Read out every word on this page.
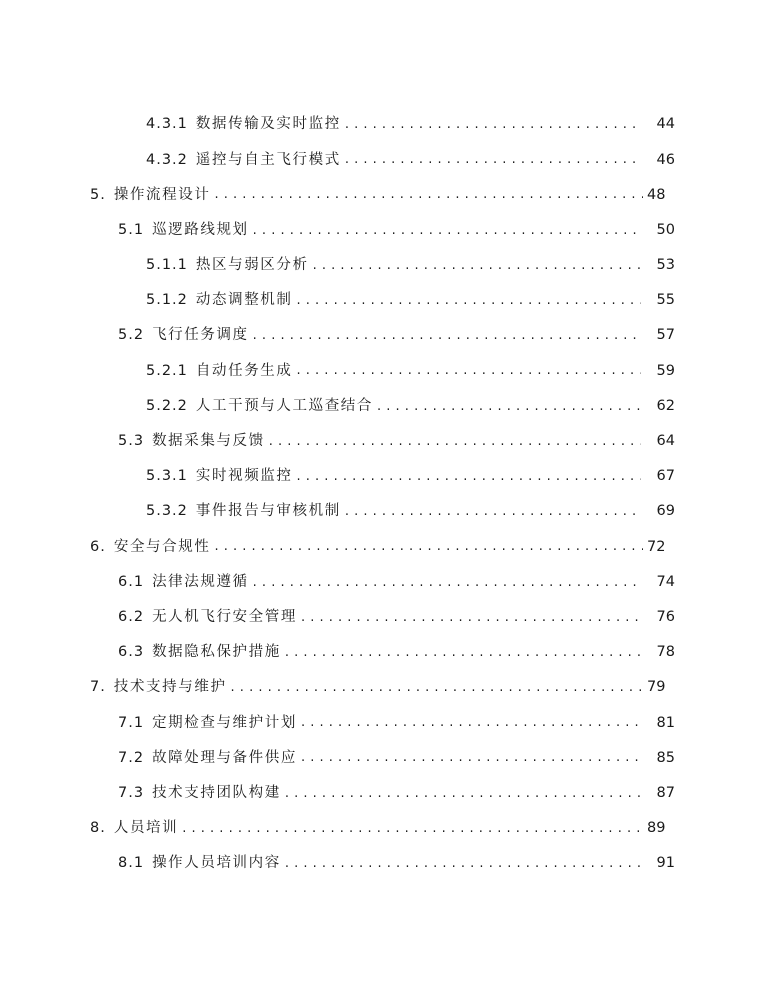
4.3.1 数据传输及实时监控 . . .	44
4.3.2 遥控与自主飞行模式 . . .	46
5. 操作流程设计 . . .	48
5.1 巡逻路线规划 . . .	50
5.1.1 热区与弱区分析 . . .	53
5.1.2 动态调整机制 . . .	55
5.2 飞行任务调度 . . .	57
5.2.1 自动任务生成 . . .	59
5.2.2 人工干预与人工巡查结合 . . .	62
5.3 数据采集与反馈 . . .	64
5.3.1 实时视频监控 . . .	67
5.3.2 事件报告与审核机制 . . .	69
6. 安全与合规性 . . .	72
6.1 法律法规遵循 . . .	74
6.2 无人机飞行安全管理 . . .	76
6.3 数据隐私保护措施 . . .	78
7. 技术支持与维护 . . .	79
7.1 定期检查与维护计划 . . .	81
7.2 故障处理与备件供应 . . .	85
7.3 技术支持团队构建 . . .	87
8. 人员培训 . . .	89
8.1 操作人员培训内容 . . .	91
